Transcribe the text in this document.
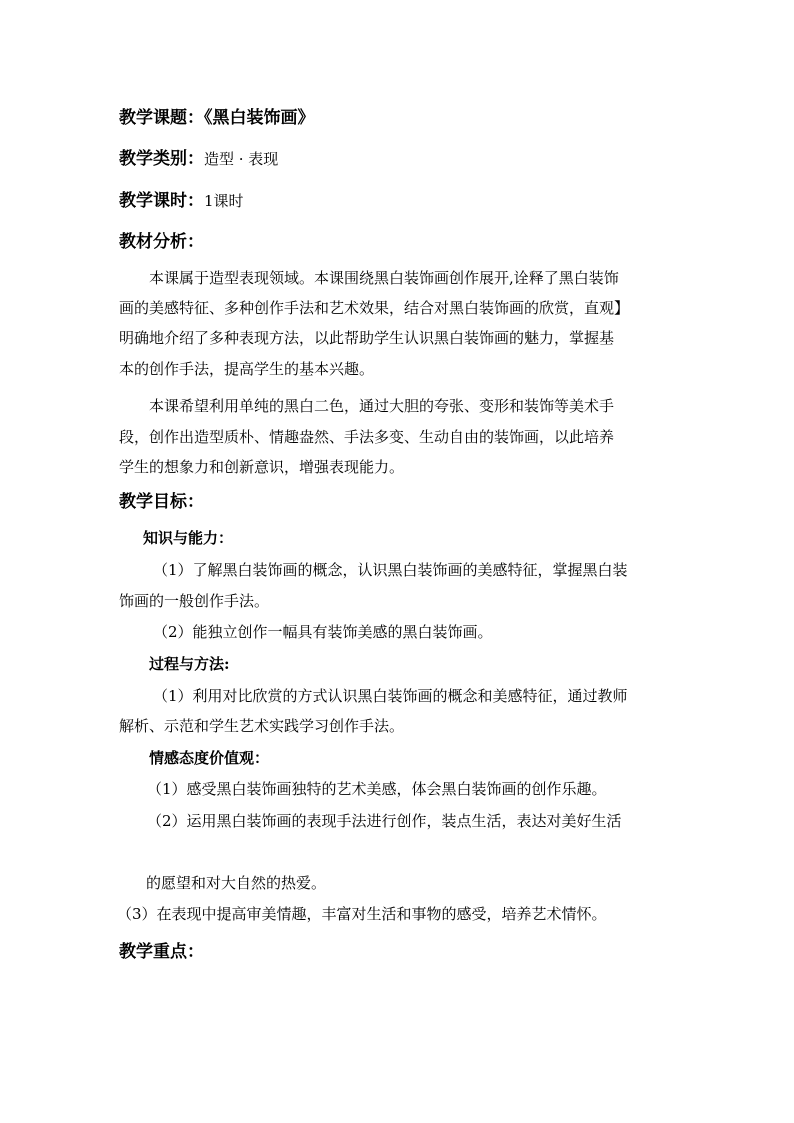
教学课题：《黑白装饰画》
教学类别：造型 · 表现
教学课时：1课时
教材分析：
本课属于造型表现领域。本课围绕黑白装饰画创作展开,诠释了黑白装饰
画的美感特征、多种创作手法和艺术效果，结合对黑白装饰画的欣赏，直观】
明确地介绍了多种表现方法，以此帮助学生认识黑白装饰画的魅力，掌握基
本的创作手法，提高学生的基本兴趣。
本课希望利用单纯的黑白二色，通过大胆的夸张、变形和装饰等美术手
段，创作出造型质朴、情趣盎然、手法多变、生动自由的装饰画，以此培养
学生的想象力和创新意识，增强表现能力。
教学目标：
知识与能力：
（1）了解黑白装饰画的概念，认识黑白装饰画的美感特征，掌握黑白装
饰画的一般创作手法。
（2）能独立创作一幅具有装饰美感的黑白装饰画。
过程与方法:
（1）利用对比欣赏的方式认识黑白装饰画的概念和美感特征，通过教师
解析、示范和学生艺术实践学习创作手法。
情感态度价值观：
（1）感受黑白装饰画独特的艺术美感，体会黑白装饰画的创作乐趣。
（2）运用黑白装饰画的表现手法进行创作，装点生活，表达对美好生活
的愿望和对大自然的热爱。
（3）在表现中提高审美情趣，丰富对生活和事物的感受，培养艺术情怀。
教学重点：
